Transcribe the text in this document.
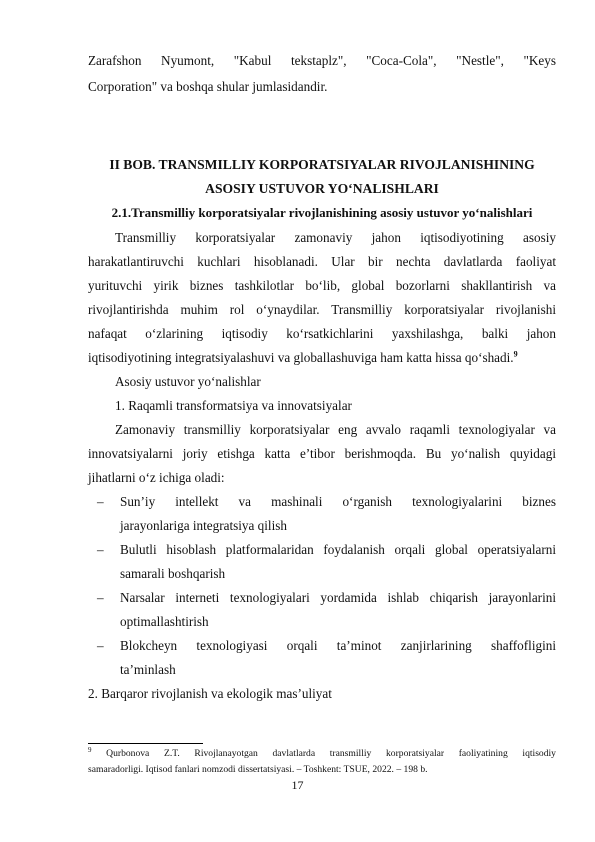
Zarafshon Nyumont, "Kabul tekstaplz", "Coca-Cola", "Nestle", "Keys
Corporation" va boshqa shular jumlasidandir.
II BOB. TRANSMILLIY KORPORATSIYALAR RIVOJLANISHINING
ASOSIY USTUVOR YO‘NALISHLARI
2.1.Transmilliy korporatsiyalar rivojlanishining asosiy ustuvor yo‘nalishlari
Transmilliy korporatsiyalar zamonaviy jahon iqtisodiyotining asosiy
harakatlantiruvchi kuchlari hisoblanadi. Ular bir nechta davlatlarda faoliyat
yurituvchi yirik biznes tashkilotlar bo‘lib, global bozorlarni shakllantirish va
rivojlantirishda muhim rol o‘ynaydilar. Transmilliy korporatsiyalar rivojlanishi
nafaqat o‘zlarining iqtisodiy ko‘rsatkichlarini yaxshilashga, balki jahon
iqtisodiyotining integratsiyalashuvi va globallashuviga ham katta hissa qo‘shadi.$^9$
Asosiy ustuvor yo‘nalishlar
1. Raqamli transformatsiya va innovatsiyalar
Zamonaviy transmilliy korporatsiyalar eng avvalo raqamli texnologiyalar va
innovatsiyalarni joriy etishga katta e’tibor berishmoqda. Bu yo‘nalish quyidagi
jihatlarni o‘z ichiga oladi:
– Sun’iy intellekt va mashinali o‘rganish texnologiyalarini biznes
jarayonlariga integratsiya qilish
– Bulutli hisoblash platformalaridan foydalanish orqali global operatsiyalarni
samarali boshqarish
– Narsalar interneti texnologiyalari yordamida ishlab chiqarish jarayonlarini
optimallashtirish
– Blokcheyn texnologiyasi orqali ta’minot zanjirlarining shaffofligini
ta’minlash
2. Barqaror rivojlanish va ekologik mas’uliyat
$^9$ Qurbonova Z.T. Rivojlanayotgan davlatlarda transmilliy korporatsiyalar faoliyatining iqtisodiy
samaradorligi. Iqtisod fanlari nomzodi dissertatsiyasi. – Toshkent: TSUE, 2022. – 198 b.
17
